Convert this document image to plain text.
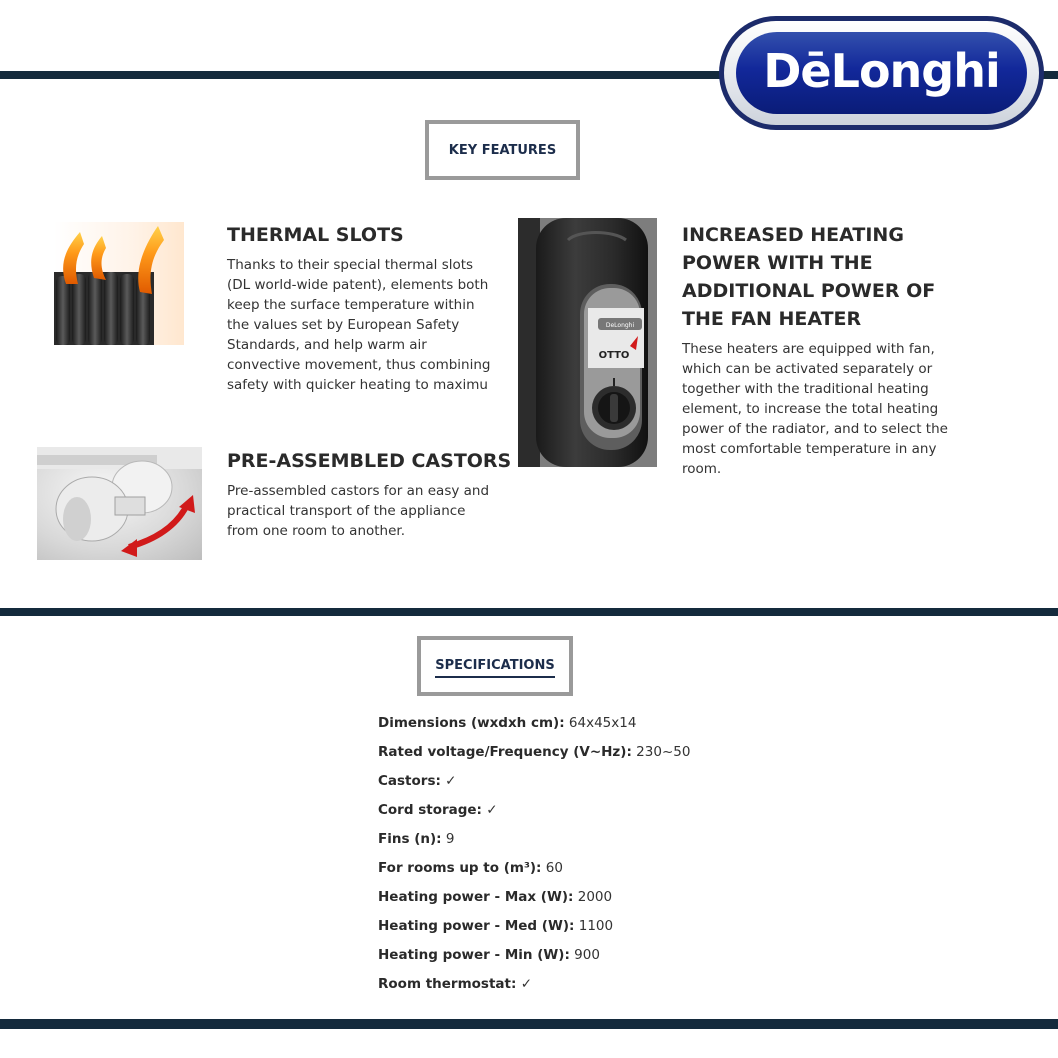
DēLonghi
KEY FEATURES
THERMAL SLOTS
Thanks to their special thermal slots
(DL world-wide patent), elements both
keep the surface temperature within
the values set by European Safety
Standards, and help warm air
convective movement, thus combining
safety with quicker heating to maximu
PRE-ASSEMBLED CASTORS
Pre-assembled castors for an easy and
practical transport of the appliance
from one room to another.
DeLonghi
OTTO
INCREASED HEATING
POWER WITH THE
ADDITIONAL POWER OF
THE FAN HEATER
These heaters are equipped with fan,
which can be activated separately or
together with the traditional heating
element, to increase the total heating
power of the radiator, and to select the
most comfortable temperature in any
room.
SPECIFICATIONS
Dimensions (wxdxh cm): 64x45x14
Rated voltage/Frequency (V~Hz): 230~50
Castors: ✓
Cord storage: ✓
Fins (n): 9
For rooms up to (m³): 60
Heating power - Max (W): 2000
Heating power - Med (W): 1100
Heating power - Min (W): 900
Room thermostat: ✓
